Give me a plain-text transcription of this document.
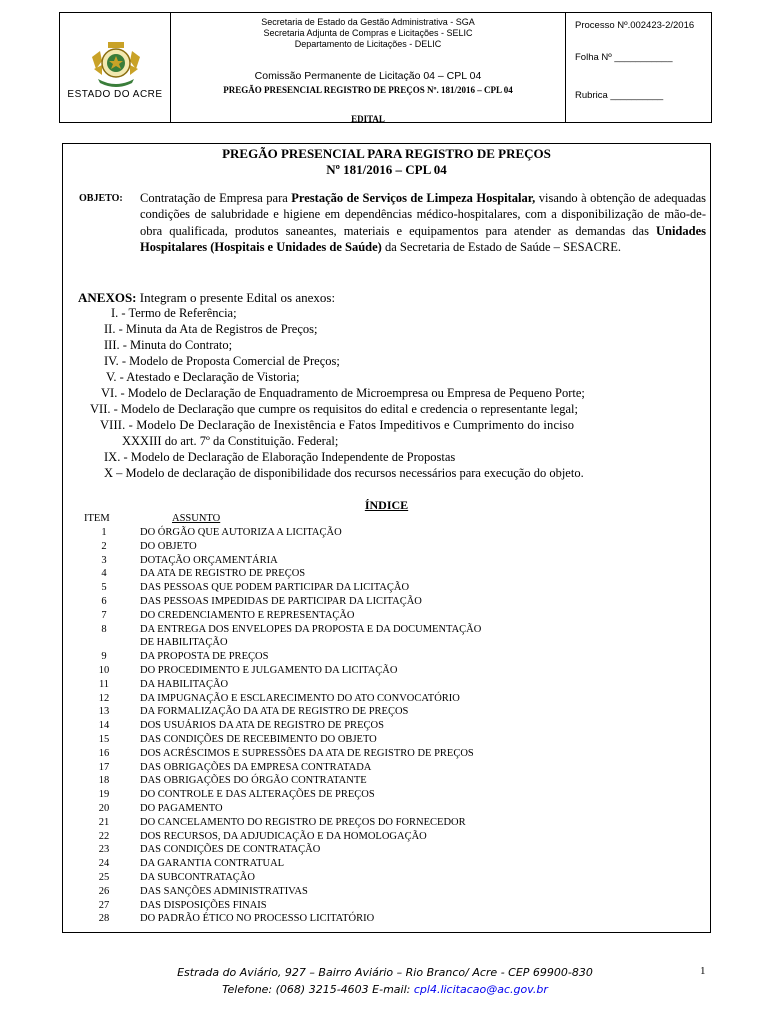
ESTADO DO ACRE
Secretaria de Estado da Gestão Administrativa - SGA
Secretaria Adjunta de Compras e Licitações - SELIC
Departamento de Licitações - DELIC
Comissão Permanente de Licitação 04 – CPL 04
PREGÃO PRESENCIAL REGISTRO DE PREÇOS Nº. 181/2016 – CPL 04
EDITAL
Processo Nº.002423-2/2016
Folha Nº ___________
Rubrica __________
PREGÃO PRESENCIAL PARA REGISTRO DE PREÇOS
Nº 181/2016 – CPL 04
OBJETO: Contratação de Empresa para Prestação de Serviços de Limpeza Hospitalar, visando à obtenção de adequadas condições de salubridade e higiene em dependências médico-hospitalares, com a disponibilização de mão-de-obra qualificada, produtos saneantes, materiais e equipamentos para atender as demandas das Unidades Hospitalares (Hospitais e Unidades de Saúde) da Secretaria de Estado de Saúde – SESACRE.
ANEXOS: Integram o presente Edital os anexos:
I. - Termo de Referência;
II. - Minuta da Ata de Registros de Preços;
III. - Minuta do Contrato;
IV. - Modelo de Proposta Comercial de Preços;
V. - Atestado e Declaração de Vistoria;
VI. - Modelo de Declaração de Enquadramento de Microempresa ou Empresa de Pequeno Porte;
VII. - Modelo de Declaração que cumpre os requisitos do edital e credencia o representante legal;
VIII. - Modelo De Declaração de Inexistência e Fatos Impeditivos e Cumprimento do inciso
XXXIII do art. 7º da Constituição. Federal;
IX. - Modelo de Declaração de Elaboração Independente de Propostas
X – Modelo de declaração de disponibilidade dos recursos necessários para execução do objeto.
ÍNDICE
ITEM	ASSUNTO
1	DO ÓRGÃO QUE AUTORIZA A LICITAÇÃO
2	DO OBJETO
3	DOTAÇÃO ORÇAMENTÁRIA
4	DA ATA DE REGISTRO DE PREÇOS
5	DAS PESSOAS QUE PODEM PARTICIPAR DA LICITAÇÃO
6	DAS PESSOAS IMPEDIDAS DE PARTICIPAR DA LICITAÇÃO
7	DO CREDENCIAMENTO E REPRESENTAÇÃO
8	DA ENTREGA DOS ENVELOPES DA PROPOSTA E DA DOCUMENTAÇÃO
DE HABILITAÇÃO
9	DA PROPOSTA DE PREÇOS
10	DO PROCEDIMENTO E JULGAMENTO DA LICITAÇÃO
11	DA HABILITAÇÃO
12	DA IMPUGNAÇÃO E ESCLARECIMENTO DO ATO CONVOCATÓRIO
13	DA FORMALIZAÇÃO DA ATA DE REGISTRO DE PREÇOS
14	DOS USUÁRIOS DA ATA DE REGISTRO DE PREÇOS
15	DAS CONDIÇÕES DE RECEBIMENTO DO OBJETO
16	DOS ACRÉSCIMOS E SUPRESSÕES DA ATA DE REGISTRO DE PREÇOS
17	DAS OBRIGAÇÕES DA EMPRESA CONTRATADA
18	DAS OBRIGAÇÕES DO ÓRGÃO CONTRATANTE
19	DO CONTROLE E DAS ALTERAÇÕES DE PREÇOS
20	DO PAGAMENTO
21	DO CANCELAMENTO DO REGISTRO DE PREÇOS DO FORNECEDOR
22	DOS RECURSOS, DA ADJUDICAÇÃO E DA HOMOLOGAÇÃO
23	DAS CONDIÇÕES DE CONTRATAÇÃO
24	DA GARANTIA CONTRATUAL
25	DA SUBCONTRATAÇÃO
26	DAS SANÇÕES ADMINISTRATIVAS
27	DAS DISPOSIÇÕES FINAIS
28	DO PADRÃO ÉTICO NO PROCESSO LICITATÓRIO
Estrada do Aviário, 927 – Bairro Aviário – Rio Branco/ Acre - CEP 69900-830
Telefone: (068) 3215-4603 E-mail: cpl4.licitacao@ac.gov.br
1
